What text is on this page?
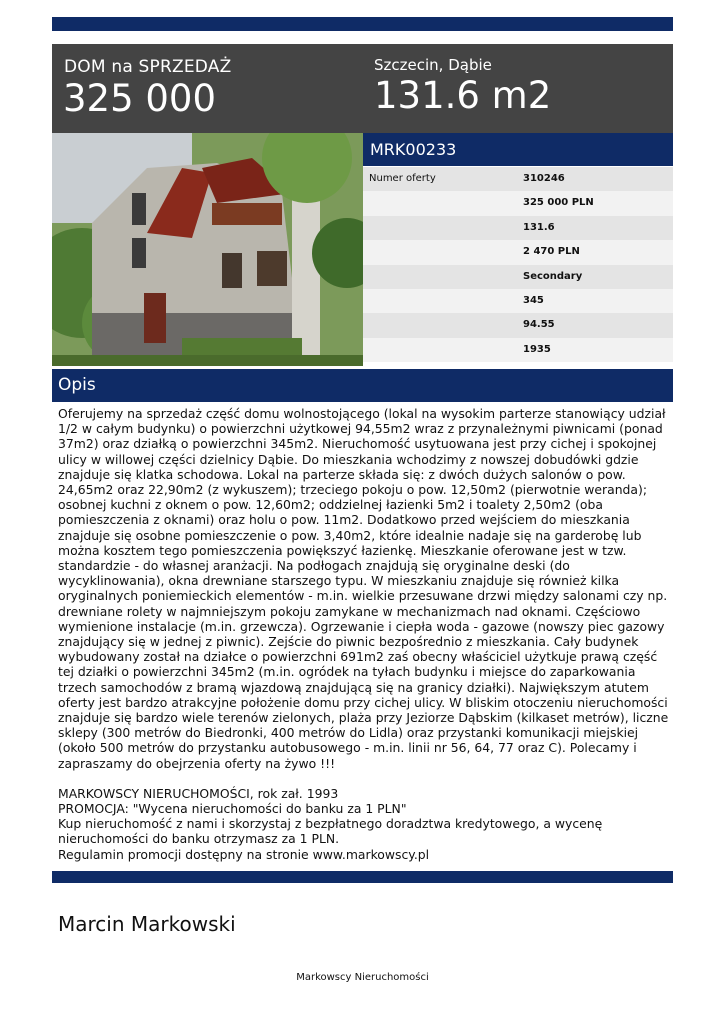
DOM na SPRZEDAŻ
325 000
Szczecin, Dąbie
131.6 m2
MRK00233
Numer oferty	310246
325 000 PLN
131.6
2 470 PLN
Secondary
345
94.55
1935
Opis

Oferujemy na sprzedaż część domu wolnostojącego (lokal na wysokim parterze stanowiący udział 1/2 w całym budynku) o powierzchni użytkowej 94,55m2 wraz z przynależnymi piwnicami (ponad 37m2) oraz działką o powierzchni 345m2. Nieruchomość usytuowana jest przy cichej i spokojnej ulicy w willowej części dzielnicy Dąbie. Do mieszkania wchodzimy z nowszej dobudówki gdzie znajduje się klatka schodowa. Lokal na parterze składa się: z dwóch dużych salonów o pow. 24,65m2 oraz 22,90m2 (z wykuszem); trzeciego pokoju o pow. 12,50m2 (pierwotnie weranda); osobnej kuchni z oknem o pow. 12,60m2; oddzielnej łazienki 5m2 i toalety 2,50m2 (oba pomieszczenia z oknami) oraz holu o pow. 11m2. Dodatkowo przed wejściem do mieszkania znajduje się osobne pomieszczenie o pow. 3,40m2, które idealnie nadaje się na garderobę lub można kosztem tego pomieszczenia powiększyć łazienkę. Mieszkanie oferowane jest w tzw. standardzie - do własnej aranżacji. Na podłogach znajdują się oryginalne deski (do wycyklinowania), okna drewniane starszego typu. W mieszkaniu znajduje się również kilka oryginalnych poniemieckich elementów - m.in. wielkie przesuwane drzwi między salonami czy np. drewniane rolety w najmniejszym pokoju zamykane w mechanizmach nad oknami. Częściowo wymienione instalacje (m.in. grzewcza). Ogrzewanie i ciepła woda - gazowe (nowszy piec gazowy znajdujący się w jednej z piwnic). Zejście do piwnic bezpośrednio z mieszkania. Cały budynek wybudowany został na działce o powierzchni 691m2 zaś obecny właściciel użytkuje prawą część tej działki o powierzchni 345m2 (m.in. ogródek na tyłach budynku i miejsce do zaparkowania trzech samochodów z bramą wjazdową znajdującą się na granicy działki). Największym atutem oferty jest bardzo atrakcyjne położenie domu przy cichej ulicy. W bliskim otoczeniu nieruchomości znajduje się bardzo wiele terenów zielonych, plaża przy Jeziorze Dąbskim (kilkaset metrów), liczne sklepy (300 metrów do Biedronki, 400 metrów do Lidla) oraz przystanki komunikacji miejskiej (około 500 metrów do przystanku autobusowego - m.in. linii nr 56, 64, 77 oraz C). Polecamy i zapraszamy do obejrzenia oferty na żywo !!!

MARKOWSCY NIERUCHOMOŚCI, rok zał. 1993
PROMOCJA: "Wycena nieruchomości do banku za 1 PLN"
Kup nieruchomość z nami i skorzystaj z bezpłatnego doradztwa kredytowego, a wycenę
nieruchomości do banku otrzymasz za 1 PLN.
Regulamin promocji dostępny na stronie www.markowscy.pl

Marcin Markowski
Markowscy Nieruchomości
